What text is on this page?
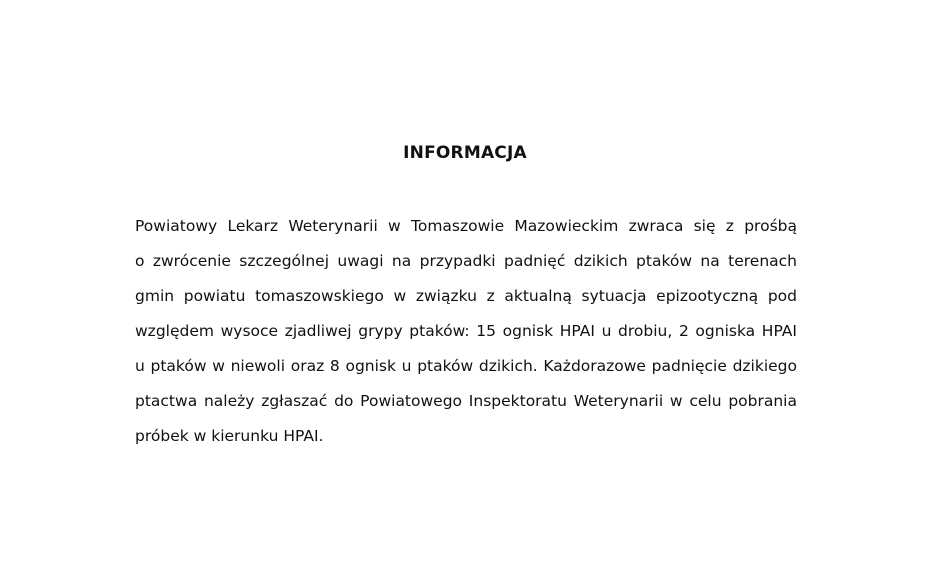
INFORMACJA
Powiatowy Lekarz Weterynarii w Tomaszowie Mazowieckim zwraca się z prośbą
o zwrócenie szczególnej uwagi na przypadki padnięć dzikich ptaków na terenach
gmin powiatu tomaszowskiego w związku z aktualną sytuacja epizootyczną pod
względem wysoce zjadliwej grypy ptaków: 15 ognisk HPAI u drobiu, 2 ogniska HPAI
u ptaków w niewoli oraz 8 ognisk u ptaków dzikich. Każdorazowe padnięcie dzikiego
ptactwa należy zgłaszać do Powiatowego Inspektoratu Weterynarii w celu pobrania
próbek w kierunku HPAI.
